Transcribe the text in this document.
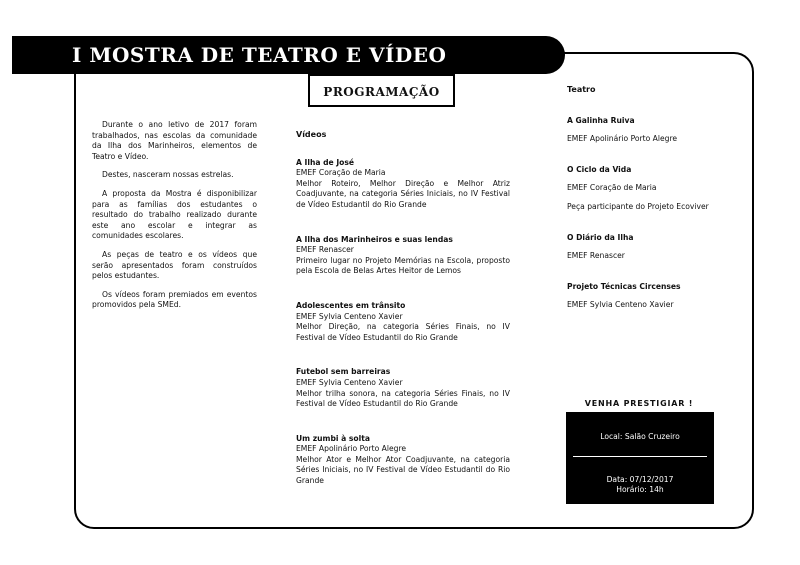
I MOSTRA DE TEATRO E VÍDEO
PROGRAMAÇÃO

Durante o ano letivo de 2017 foram trabalhados, nas escolas da comunidade da Ilha dos Marinheiros, elementos de Teatro e Vídeo.

Destes, nasceram nossas estrelas.

A proposta da Mostra é disponibilizar para as famílias dos estudantes o resultado do trabalho realizado durante este ano escolar e integrar as comunidades escolares.

As peças de teatro e os vídeos que serão apresentados foram construídos pelos estudantes.

Os vídeos foram premiados em eventos promovidos pela SMEd.

Vídeos
A Ilha de José
EMEF Coração de Maria
Melhor Roteiro, Melhor Direção e Melhor Atriz Coadjuvante, na categoria Séries Iniciais, no IV Festival de Vídeo Estudantil do Rio Grande
A Ilha dos Marinheiros e suas lendas
EMEF Renascer
Primeiro lugar no Projeto Memórias na Escola, proposto pela Escola de Belas Artes Heitor de Lemos
Adolescentes em trânsito
EMEF Sylvia Centeno Xavier
Melhor Direção, na categoria Séries Finais, no IV Festival de Vídeo Estudantil do Rio Grande
Futebol sem barreiras
EMEF Sylvia Centeno Xavier
Melhor trilha sonora, na categoria Séries Finais, no IV Festival de Vídeo Estudantil do Rio Grande
Um zumbi à solta
EMEF Apolinário Porto Alegre
Melhor Ator e Melhor Ator Coadjuvante, na categoria Séries Iniciais, no IV Festival de Vídeo Estudantil do Rio Grande
Teatro
A Galinha Ruiva
EMEF Apolinário Porto Alegre
O Ciclo da Vida
EMEF Coração de Maria
Peça participante do Projeto Ecoviver
O Diário da Ilha
EMEF Renascer
Projeto Técnicas Circenses
EMEF Sylvia Centeno Xavier
VENHA PRESTIGIAR !
Local: Salão Cruzeiro
Data: 07/12/2017
Horário: 14h
